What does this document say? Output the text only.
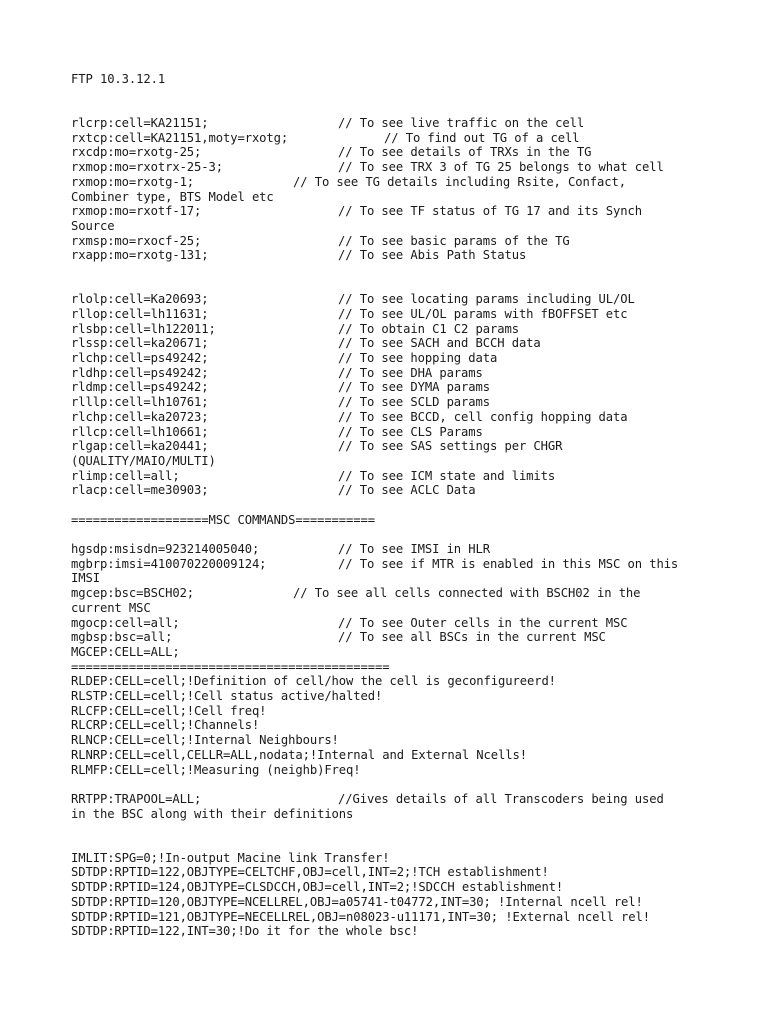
FTP 10.3.12.1
rlcrp:cell=KA21151;	// To see live traffic on the cell
rxtcp:cell=KA21151,moty=rxotg;	// To find out TG of a cell
rxcdp:mo=rxotg-25;	// To see details of TRXs in the TG
rxmop:mo=rxotrx-25-3;	// To see TRX 3 of TG 25 belongs to what cell
rxmop:mo=rxotg-1;	// To see TG details including Rsite, Confact,
Combiner type, BTS Model etc
rxmop:mo=rxotf-17;	// To see TF status of TG 17 and its Synch
Source
rxmsp:mo=rxocf-25;	// To see basic params of the TG
rxapp:mo=rxotg-131;	// To see Abis Path Status
rlolp:cell=Ka20693;	// To see locating params including UL/OL
rllop:cell=lh11631;	// To see UL/OL params with fBOFFSET etc
rlsbp:cell=lh122011;	// To obtain C1 C2 params
rlssp:cell=ka20671;	// To see SACH and BCCH data
rlchp:cell=ps49242;	// To see hopping data
rldhp:cell=ps49242;	// To see DHA params
rldmp:cell=ps49242;	// To see DYMA params
rlllp:cell=lh10761;	// To see SCLD params
rlchp:cell=ka20723;	// To see BCCD, cell config hopping data
rllcp:cell=lh10661;	// To see CLS Params
rlgap:cell=ka20441;	// To see SAS settings per CHGR
(QUALITY/MAIO/MULTI)
rlimp:cell=all;	// To see ICM state and limits
rlacp:cell=me30903;	// To see ACLC Data
===================MSC COMMANDS===========
hgsdp:msisdn=923214005040;	// To see IMSI in HLR
mgbrp:imsi=410070220009124;	// To see if MTR is enabled in this MSC on this
IMSI
mgcep:bsc=BSCH02;	// To see all cells connected with BSCH02 in the
current MSC
mgocp:cell=all;	// To see Outer cells in the current MSC
mgbsp:bsc=all;	// To see all BSCs in the current MSC
MGCEP:CELL=ALL;
============================================
RLDEP:CELL=cell;!Definition of cell/how the cell is geconfigureerd!
RLSTP:CELL=cell;!Cell status active/halted!
RLCFP:CELL=cell;!Cell freq!
RLCRP:CELL=cell;!Channels!
RLNCP:CELL=cell;!Internal Neighbours!
RLNRP:CELL=cell,CELLR=ALL,nodata;!Internal and External Ncells!
RLMFP:CELL=cell;!Measuring (neighb)Freq!
RRTPP:TRAPOOL=ALL;	//Gives details of all Transcoders being used
in the BSC along with their definitions
IMLIT:SPG=0;!In-output Macine link Transfer!
SDTDP:RPTID=122,OBJTYPE=CELTCHF,OBJ=cell,INT=2;!TCH establishment!
SDTDP:RPTID=124,OBJTYPE=CLSDCCH,OBJ=cell,INT=2;!SDCCH establishment!
SDTDP:RPTID=120,OBJTYPE=NCELLREL,OBJ=a05741-t04772,INT=30; !Internal ncell rel!
SDTDP:RPTID=121,OBJTYPE=NECELLREL,OBJ=n08023-u11171,INT=30; !External ncell rel!
SDTDP:RPTID=122,INT=30;!Do it for the whole bsc!
